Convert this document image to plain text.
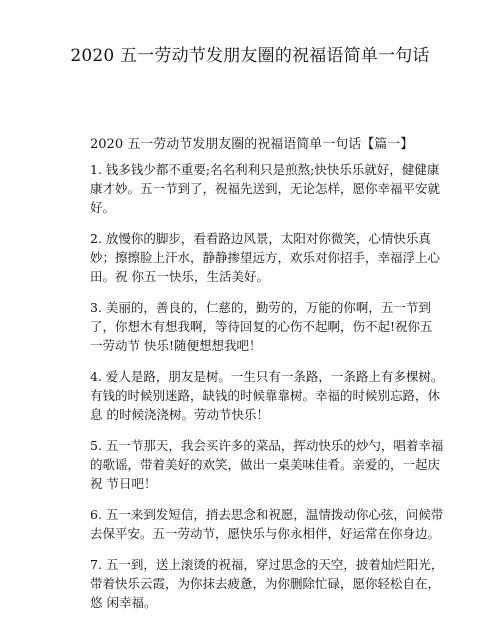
2020 五一劳动节发朋友圈的祝福语简单一句话
2020 五一劳动节发朋友圈的祝福语简单一句话【篇一】

1. 钱多钱少都不重要;名名利利只是煎熬;快快乐乐就好，健健康 康才妙。五一节到了，祝福先送到，无论怎样，愿你幸福平安就好。

2. 放慢你的脚步，看看路边风景，太阳对你微笑，心情快乐真妙；擦擦脸上汗水，静静掺望远方，欢乐对你招手，幸福浮上心田。祝 你五一快乐，生活美好。

3. 美丽的，善良的，仁慈的，勤劳的，万能的你啊，五一节到了，你想木有想我啊，等待回复的心伤不起啊，伤不起!祝你五一劳动节 快乐!随便想想我吧！

4. 爱人是路，朋友是树。一生只有一条路，一条路上有多棵树。 有钱的时候别迷路，缺钱的时候靠靠树。幸福的时候别忘路，休息 的时候浇浇树。劳动节快乐！

5. 五一节那天，我会买许多的菜品，挥动快乐的炒勺，唱着幸福 的歌谣，带着美好的欢笑，做出一桌美味佳肴。亲爱的，一起庆祝 节日吧！

6. 五一来到发短信，捎去思念和祝愿，温情拨动你心弦，问候带 去保平安。五一劳动节，愿快乐与你永相伴，好运常在你身边。

7. 五一到，送上滚烫的祝福，穿过思念的天空，披着灿烂阳光， 带着快乐云霞，为你抹去疲惫，为你删除忙碌，愿你轻松自在，悠 闲幸福。
